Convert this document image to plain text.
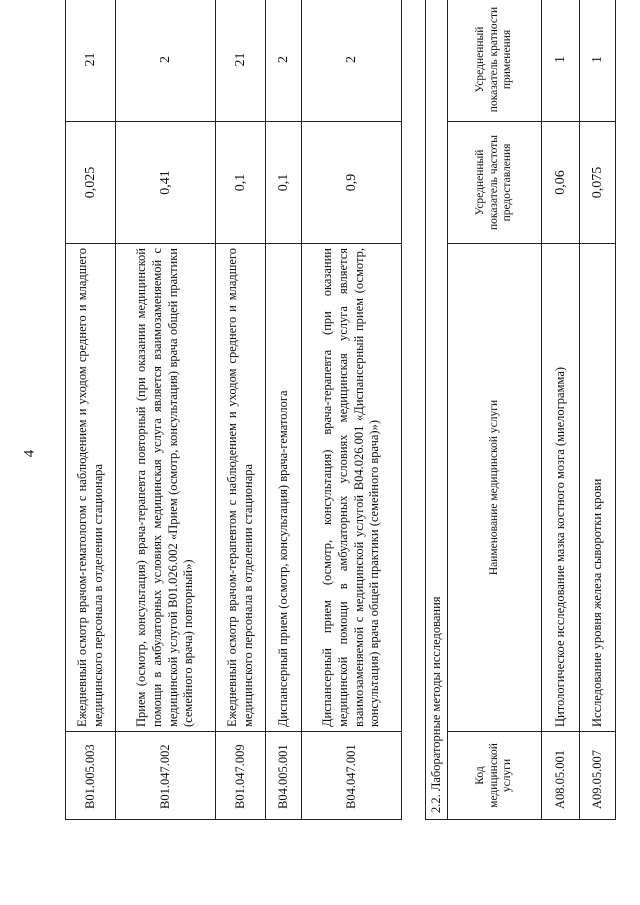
4
B01.005.003	Ежедневный осмотр врачом-гематологом с наблюдением и уходом среднего и младшего медицинского персонала в отделении стационара	0,025	21
B01.047.002	Прием (осмотр, консультация) врача-терапевта повторный (при оказании медицинской помощи в амбулаторных условиях медицинская услуга является взаимозаменяемой с медицинской услугой B01.026.002 «Прием (осмотр, консультация) врача общей практики (семейного врача) повторный»)	0,41	2
B01.047.009	Ежедневный осмотр врачом-терапевтом с наблюдением и уходом среднего и младшего медицинского персонала в отделении стационара	0,1	21
B04.005.001	Диспансерный прием (осмотр, консультация) врача-гематолога	0,1	2
B04.047.001	Диспансерный прием (осмотр, консультация) врача-терапевта (при оказании медицинской помощи в амбулаторных условиях медицинская услуга является взаимозаменяемой с медицинской услугой B04.026.001 «Диспансерный прием (осмотр, консультация) врача общей практики (семейного врача)»)	0,9	2
2.2. Лабораторные методы исследования			
Код медицинской услуги	Наименование медицинской услуги	Усредненный показатель частоты предоставления	Усредненный показатель кратности применения
A08.05.001	Цитологическое исследование мазка костного мозга (миелограмма)	0,06	1
A09.05.007	Исследование уровня железа сыворотки крови	0,075	1
